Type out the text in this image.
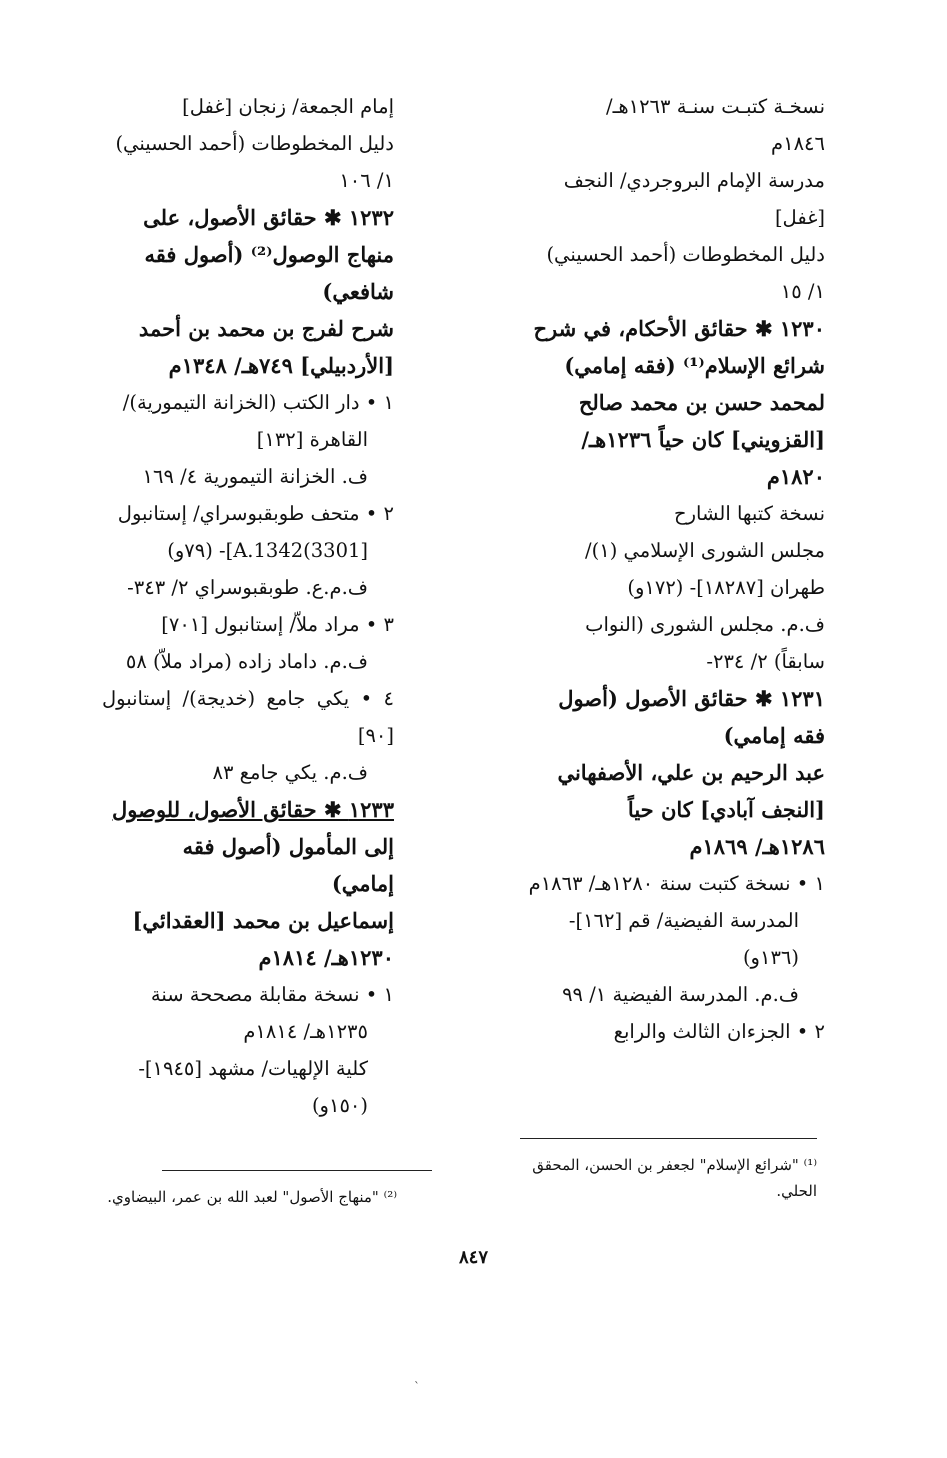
نسخـة كتبـت سنـة ١٢٦٣هـ/
١٨٤٦م
مدرسة الإمام البروجردي/ النجف
[غفل]
دليل المخطوطات (أحمد الحسيني)
١/ ١٥
١٢٣٠ ✱ حقائق الأحكام، في شرح
شرائع الإسلام⁽¹⁾ (فقه إمامي)
لمحمد حسن بن محمد صالح
[القزويني] كان حياً ١٢٣٦هـ/
١٨٢٠م
نسخة كتبها الشارح
مجلس الشورى الإسلامي (١)/
طهران [١٨٢٨٧]- (١٧٢و)
ف.م. مجلس الشورى (النواب
سابقاً) ٢/ ٢٣٤-
١٢٣١ ✱ حقائق الأصول (أصول
فقه إمامي)
عبد الرحيم بن علي، الأصفهاني
[النجف آبادي] كان حياً
١٢٨٦هـ/ ١٨٦٩م
١ • نسخة كتبت سنة ١٢٨٠هـ/ ١٨٦٣م
المدرسة الفيضية/ قم [١٦٢]-
(١٣٦و)
ف.م. المدرسة الفيضية ١/ ٩٩
٢ • الجزءان الثالث والرابع
إمام الجمعة/ زنجان [غفل]
دليل المخطوطات (أحمد الحسيني)
١/ ١٠٦
١٢٣٢ ✱ حقائق الأصول، على
منهاج الوصول⁽²⁾ (أصول فقه
شافعي)
شرح لفرج بن محمد بن أحمد
[الأردبيلي] ٧٤٩هـ/ ١٣٤٨م
١ • دار الكتب (الخزانة التيمورية)/
القاهرة [١٣٢]
ف. الخزانة التيمورية ٤/ ١٦٩
٢ • متحف طوبقبوسراي/ إستانبول
[3301)A.1342]- (٧٩و)
ف.م.ع. طوبقبوسراي ٢/ ٣٤٣-
٣ • مراد ملاّ/ إستانبول [٧٠١]
ف.م. داماد زاده (مراد ملاّ) ٥٨
٤ • يكي جامع (خديجة)/ إستانبول [٩٠]
ف.م. يكي جامع ٨٣
١٢٣٣ ✱ حقائق الأصول، للوصول
إلى المأمول (أصول فقه
إمامي)
إسماعيل بن محمد [العقدائي]
١٢٣٠هـ/ ١٨١٤م
١ • نسخة مقابلة مصححة سنة
١٢٣٥هـ/ ١٨١٤م
كلية الإلهيات/ مشهد [١٩٤٥]-
(١٥٠و)
⁽¹⁾ "شرائع الإسلام" لجعفر بن الحسن، المحقق
الحلي.
⁽²⁾ "منهاج الأصول" لعبد الله بن عمر، البيضاوي.
٨٤٧
ˋ
